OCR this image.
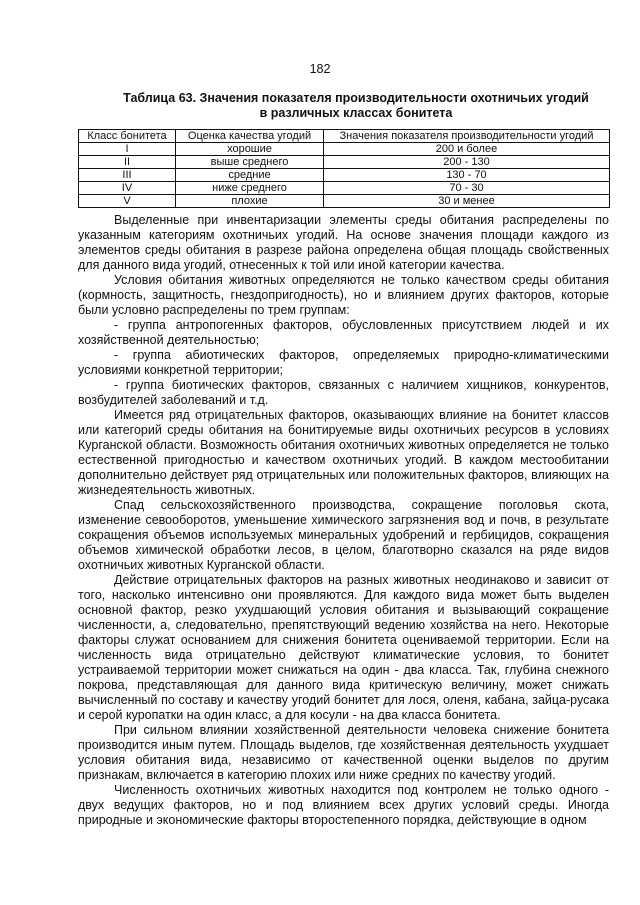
182
Таблица 63. Значения показателя производительности охотничьих угодий
в различных классах бонитета
Класс бонитета	Оценка качества угодий	Значения показателя производительности угодий
I	хорошие	200 и более
II	выше среднего	200 - 130
III	средние	130 - 70
IV	ниже среднего	70 - 30
V	плохие	30 и менее

Выделенные при инвентаризации элементы среды обитания распределены по указанным категориям охотничьих угодий. На основе значения площади каждого из элементов среды обитания в разрезе района определена общая площадь свойственных для данного вида угодий, отнесенных к той или иной категории качества.

Условия обитания животных определяются не только качеством среды обитания (кормность, защитность, гнездопригодность), но и влиянием других факторов, которые были условно распределены по трем группам:

- группа антропогенных факторов, обусловленных присутствием людей и их хозяйственной деятельностью;

- группа абиотических факторов, определяемых природно-климатическими условиями конкретной территории;

- группа биотических факторов, связанных с наличием хищников, конкурентов, возбудителей заболеваний и т.д.

Имеется ряд отрицательных факторов, оказывающих влияние на бонитет классов или категорий среды обитания на бонитируемые виды охотничьих ресурсов в условиях Курганской области. Возможность обитания охотничьих животных определяется не только естественной пригодностью и качеством охотничьих угодий. В каждом местообитании дополнительно действует ряд отрицательных или положительных факторов, влияющих на жизнедеятельность животных.

Спад сельскохозяйственного производства, сокращение поголовья скота, изменение севооборотов, уменьшение химического загрязнения вод и почв, в результате сокращения объемов используемых минеральных удобрений и гербицидов, сокращения объемов химической обработки лесов, в целом, благотворно сказался на ряде видов охотничьих животных Курганской области.

Действие отрицательных факторов на разных животных неодинаково и зависит от того, насколько интенсивно они проявляются. Для каждого вида может быть выделен основной фактор, резко ухудшающий условия обитания и вызывающий сокращение численности, а, следовательно, препятствующий ведению хозяйства на него. Некоторые факторы служат основанием для снижения бонитета оцениваемой территории. Если на численность вида отрицательно действуют климатические условия, то бонитет устраиваемой территории может снижаться на один - два класса. Так, глубина снежного покрова, представляющая для данного вида критическую величину, может снижать вычисленный по составу и качеству угодий бонитет для лося, оленя, кабана, зайца-русака и серой куропатки на один класс, а для косули - на два класса бонитета.

При сильном влиянии хозяйственной деятельности человека снижение бонитета производится иным путем. Площадь выделов, где хозяйственная деятельность ухудшает условия обитания вида, независимо от качественной оценки выделов по другим признакам, включается в категорию плохих или ниже средних по качеству угодий.

Численность охотничьих животных находится под контролем не только одного - двух ведущих факторов, но и под влиянием всех других условий среды. Иногда природные и экономические факторы второстепенного порядка, действующие в одном
